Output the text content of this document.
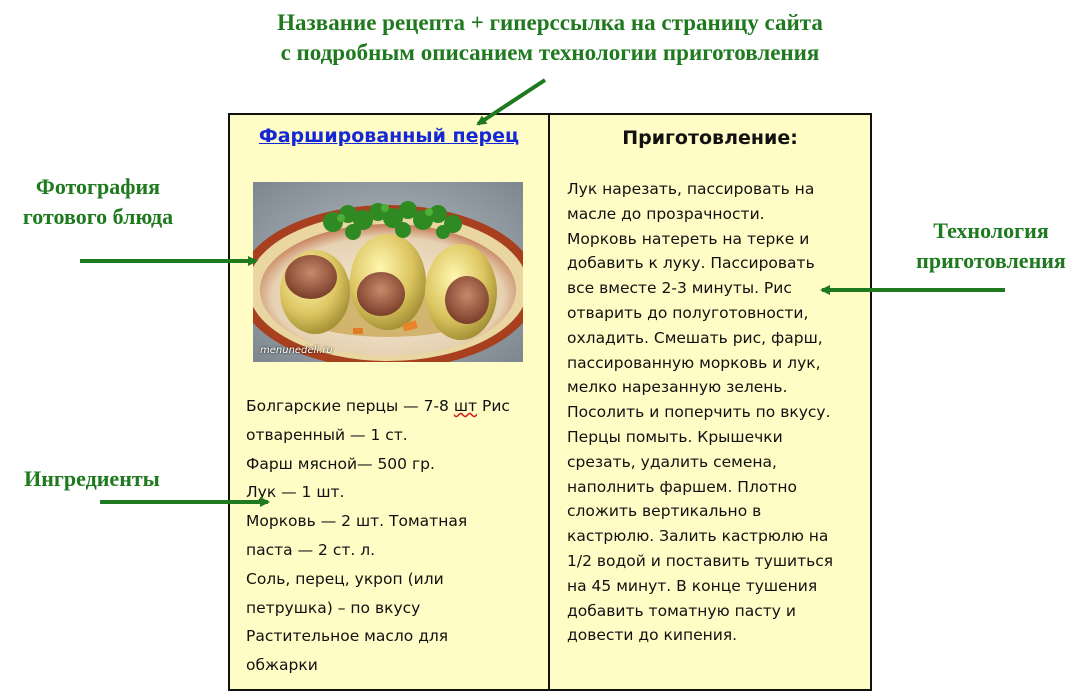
Название рецепта + гиперссылка на страницу сайта
с подробным описанием технологии приготовления
Фотография
готового блюда
Ингредиенты
Технология
приготовления
Фаршированный перец
menunedeli.ru
Болгарские перцы — 7-8 шт Рис
отваренный — 1 ст.
Фарш мясной— 500 гр.
Лук — 1 шт.
Морковь — 2 шт. Томатная
паста — 2 ст. л.
Соль, перец, укроп (или
петрушка) – по вкусу
Растительное масло для
обжарки
Приготовление:
Лук нарезать, пассировать на
масле до прозрачности.
Морковь натереть на терке и
добавить к луку. Пассировать
все вместе 2-3 минуты. Рис
отварить до полуготовности,
охладить. Смешать рис, фарш,
пассированную морковь и лук,
мелко нарезанную зелень.
Посолить и поперчить по вкусу.
Перцы помыть. Крышечки
срезать, удалить семена,
наполнить фаршем. Плотно
сложить вертикально в
кастрюлю. Залить кастрюлю на
1/2 водой и поставить тушиться
на 45 минут. В конце тушения
добавить томатную пасту и
довести до кипения.
